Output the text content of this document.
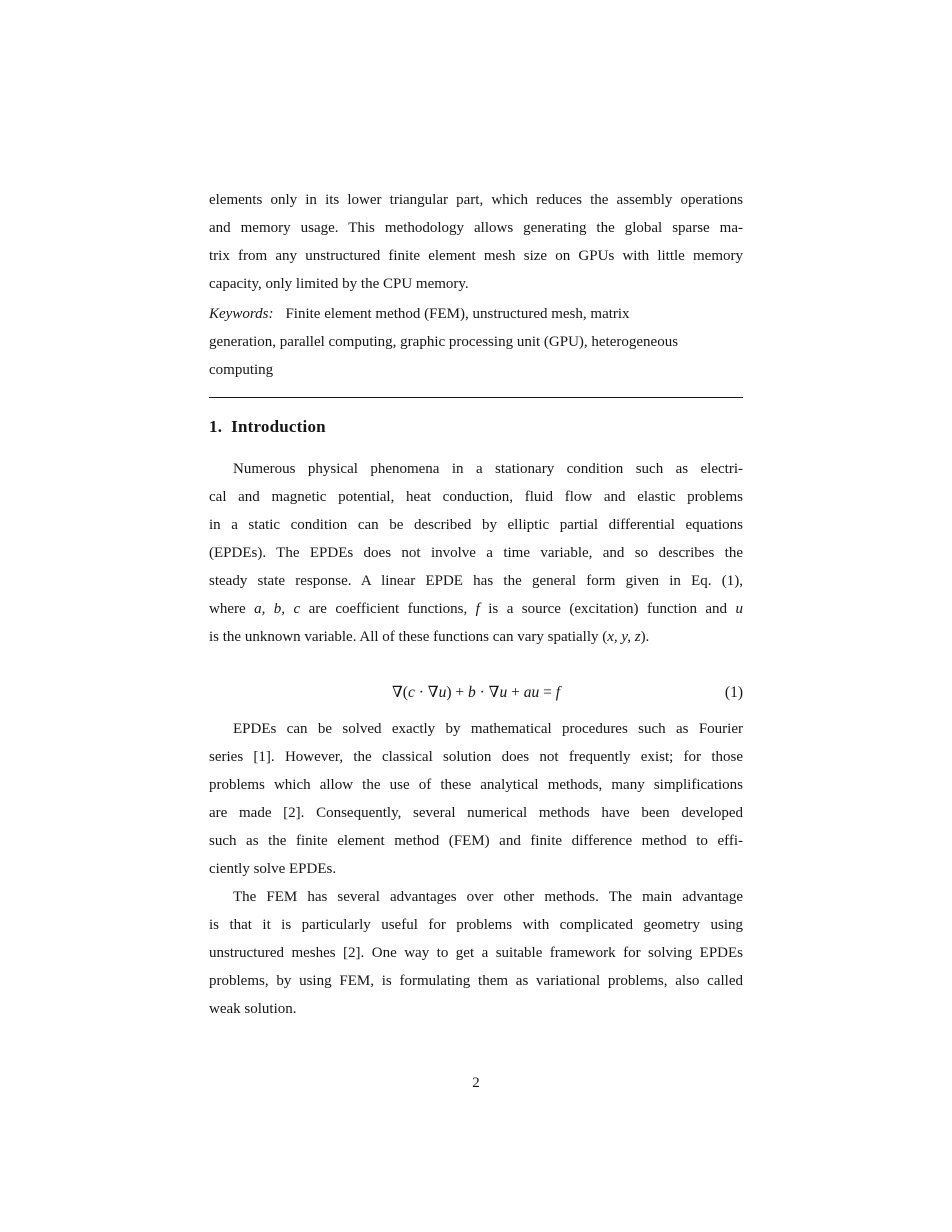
elements only in its lower triangular part, which reduces the assembly operations
and memory usage. This methodology allows generating the global sparse ma-
trix from any unstructured finite element mesh size on GPUs with little memory
capacity, only limited by the CPU memory.
Keywords: Finite element method (FEM), unstructured mesh, matrix
generation, parallel computing, graphic processing unit (GPU), heterogeneous
computing
1. Introduction
Numerous physical phenomena in a stationary condition such as electri-
cal and magnetic potential, heat conduction, fluid flow and elastic problems
in a static condition can be described by elliptic partial differential equations
(EPDEs). The EPDEs does not involve a time variable, and so describes the
steady state response. A linear EPDE has the general form given in Eq. (1),
where a, b, c are coefficient functions, f is a source (excitation) function and u
is the unknown variable. All of these functions can vary spatially (x, y, z).
∇(c · ∇u) + b · ∇u + au = f	(1)
EPDEs can be solved exactly by mathematical procedures such as Fourier
series [1]. However, the classical solution does not frequently exist; for those
problems which allow the use of these analytical methods, many simplifications
are made [2]. Consequently, several numerical methods have been developed
such as the finite element method (FEM) and finite difference method to effi-
ciently solve EPDEs.
The FEM has several advantages over other methods. The main advantage
is that it is particularly useful for problems with complicated geometry using
unstructured meshes [2]. One way to get a suitable framework for solving EPDEs
problems, by using FEM, is formulating them as variational problems, also called
weak solution.
2
